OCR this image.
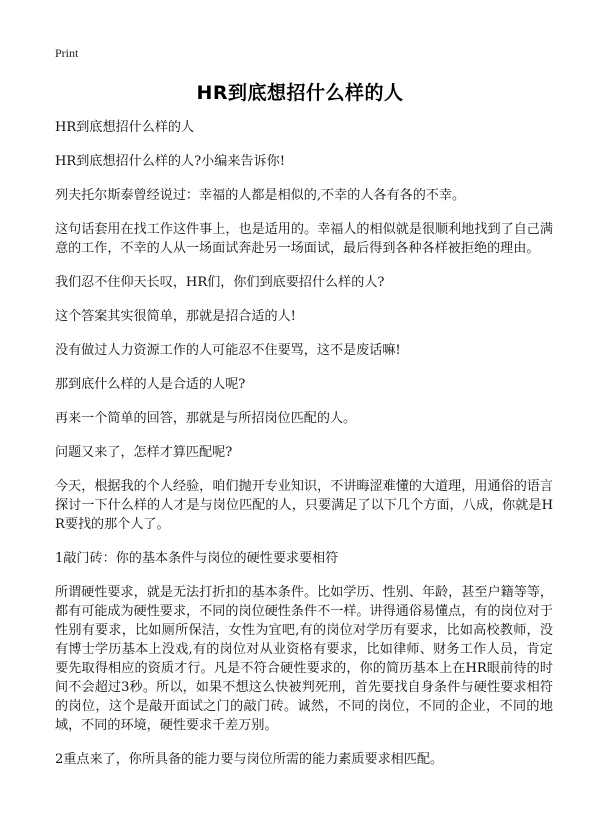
Print
HR到底想招什么样的人

HR到底想招什么样的人

HR到底想招什么样的人?小编来告诉你!

列夫托尔斯泰曾经说过：幸福的人都是相似的,不幸的人各有各的不幸。

这句话套用在找工作这件事上，也是适用的。幸福人的相似就是很顺利地找到了自己满意的工作，不幸的人从一场面试奔赴另一场面试，最后得到各种各样被拒绝的理由。

我们忍不住仰天长叹，HR们，你们到底要招什么样的人?

这个答案其实很简单，那就是招合适的人!

没有做过人力资源工作的人可能忍不住要骂，这不是废话嘛!

那到底什么样的人是合适的人呢?

再来一个简单的回答，那就是与所招岗位匹配的人。

问题又来了，怎样才算匹配呢?

今天，根据我的个人经验，咱们抛开专业知识，不讲晦涩难懂的大道理，用通俗的语言探讨一下什么样的人才是与岗位匹配的人，只要满足了以下几个方面，八成，你就是HR要找的那个人了。

1敲门砖：你的基本条件与岗位的硬性要求要相符

所谓硬性要求，就是无法打折扣的基本条件。比如学历、性别、年龄，甚至户籍等等，都有可能成为硬性要求，不同的岗位硬性条件不一样。讲得通俗易懂点，有的岗位对于性别有要求，比如厕所保洁，女性为宜吧,有的岗位对学历有要求，比如高校教师，没有博士学历基本上没戏,有的岗位对从业资格有要求，比如律师、财务工作人员，肯定要先取得相应的资质才行。凡是不符合硬性要求的，你的简历基本上在HR眼前待的时间不会超过3秒。所以，如果不想这么快被判死刑，首先要找自身条件与硬性要求相符的岗位，这个是敲开面试之门的敲门砖。诚然，不同的岗位，不同的企业，不同的地域，不同的环境，硬性要求千差万别。

2重点来了，你所具备的能力要与岗位所需的能力素质要求相匹配。
